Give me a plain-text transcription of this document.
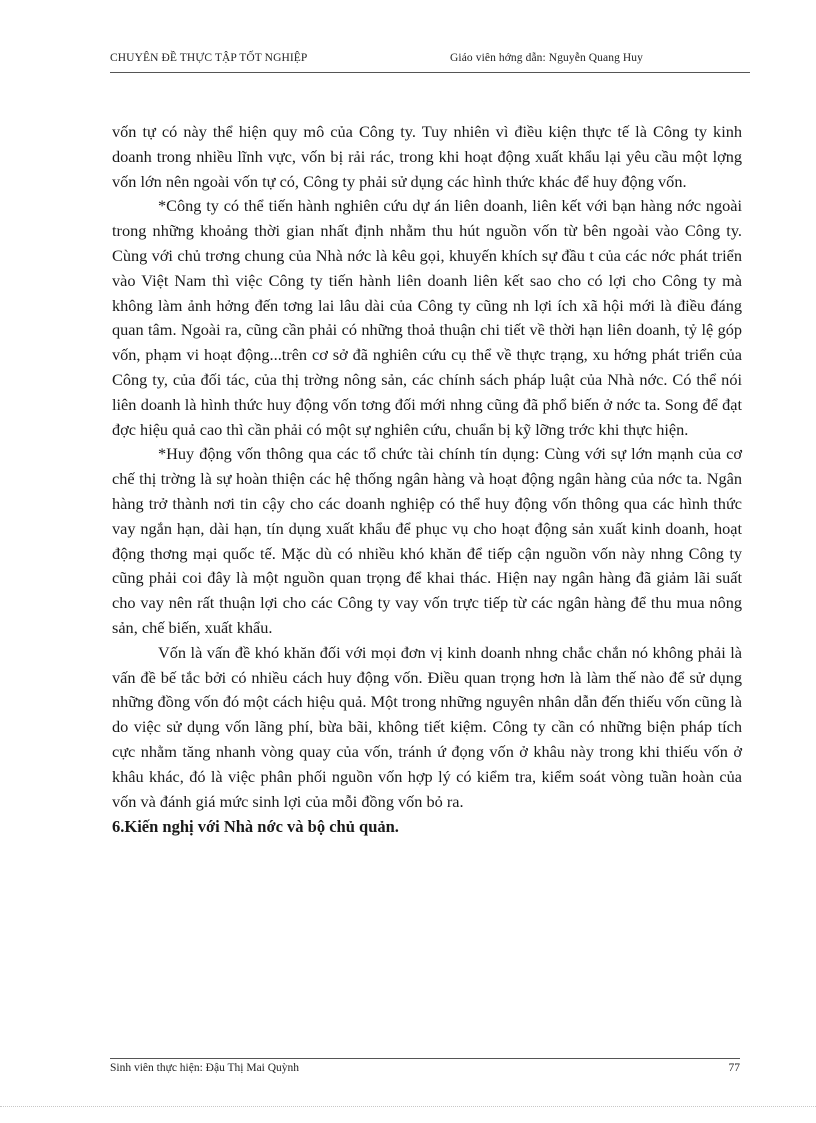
CHUYÊN ĐỀ THỰC TẬP TỐT NGHIỆP	Giáo viên hớng dẫn: Nguyễn Quang Huy

vốn tự có này thể hiện quy mô của Công ty. Tuy nhiên vì điều kiện thực tế là Công ty kinh doanh trong nhiều lĩnh vực, vốn bị rải rác, trong khi hoạt động xuất khẩu lại yêu cầu một lợng vốn lớn nên ngoài vốn tự có, Công ty phải sử dụng các hình thức khác để huy động vốn.

*Công ty có thể tiến hành nghiên cứu dự án liên doanh, liên kết với bạn hàng nớc ngoài trong những khoảng thời gian nhất định nhằm thu hút nguồn vốn từ bên ngoài vào Công ty. Cùng với chủ trơng chung của Nhà nớc là kêu gọi, khuyến khích sự đầu t của các nớc phát triển vào Việt Nam thì việc Công ty tiến hành liên doanh liên kết sao cho có lợi cho Công ty mà không làm ảnh hởng đến tơng lai lâu dài của Công ty cũng nh lợi ích xã hội mới là điều đáng quan tâm. Ngoài ra, cũng cần phải có những thoả thuận chi tiết về thời hạn liên doanh, tỷ lệ góp vốn, phạm vi hoạt động...trên cơ sở đã nghiên cứu cụ thể về thực trạng, xu hớng phát triển của Công ty, của đối tác, của thị trờng nông sản, các chính sách pháp luật của Nhà nớc. Có thể nói liên doanh là hình thức huy động vốn tơng đối mới nhng cũng đã phổ biến ở nớc ta. Song để đạt đợc hiệu quả cao thì cần phải có một sự nghiên cứu, chuẩn bị kỹ lỡng trớc khi thực hiện.

*Huy động vốn thông qua các tổ chức tài chính tín dụng: Cùng với sự lớn mạnh của cơ chế thị trờng là sự hoàn thiện các hệ thống ngân hàng và hoạt động ngân hàng của nớc ta. Ngân hàng trở thành nơi tin cậy cho các doanh nghiệp có thể huy động vốn thông qua các hình thức vay ngắn hạn, dài hạn, tín dụng xuất khẩu để phục vụ cho hoạt động sản xuất kinh doanh, hoạt động thơng mại quốc tế. Mặc dù có nhiều khó khăn để tiếp cận nguồn vốn này nhng Công ty cũng phải coi đây là một nguồn quan trọng để khai thác. Hiện nay ngân hàng đã giảm lãi suất cho vay nên rất thuận lợi cho các Công ty vay vốn trực tiếp từ các ngân hàng để thu mua nông sản, chế biến, xuất khẩu.

Vốn là vấn đề khó khăn đối với mọi đơn vị kinh doanh nhng chắc chắn nó không phải là vấn đề bế tắc bởi có nhiều cách huy động vốn. Điều quan trọng hơn là làm thế nào để sử dụng những đồng vốn đó một cách hiệu quả. Một trong những nguyên nhân dẫn đến thiếu vốn cũng là do việc sử dụng vốn lãng phí, bừa bãi, không tiết kiệm. Công ty cần có những biện pháp tích cực nhằm tăng nhanh vòng quay của vốn, tránh ứ đọng vốn ở khâu này trong khi thiếu vốn ở khâu khác, đó là việc phân phối nguồn vốn hợp lý có kiểm tra, kiểm soát vòng tuần hoàn của vốn và đánh giá mức sinh lợi của mỗi đồng vốn bỏ ra.

6.Kiến nghị với Nhà nớc và bộ chủ quản.
Sinh viên thực hiện: Đậu Thị Mai Quỳnh	77
